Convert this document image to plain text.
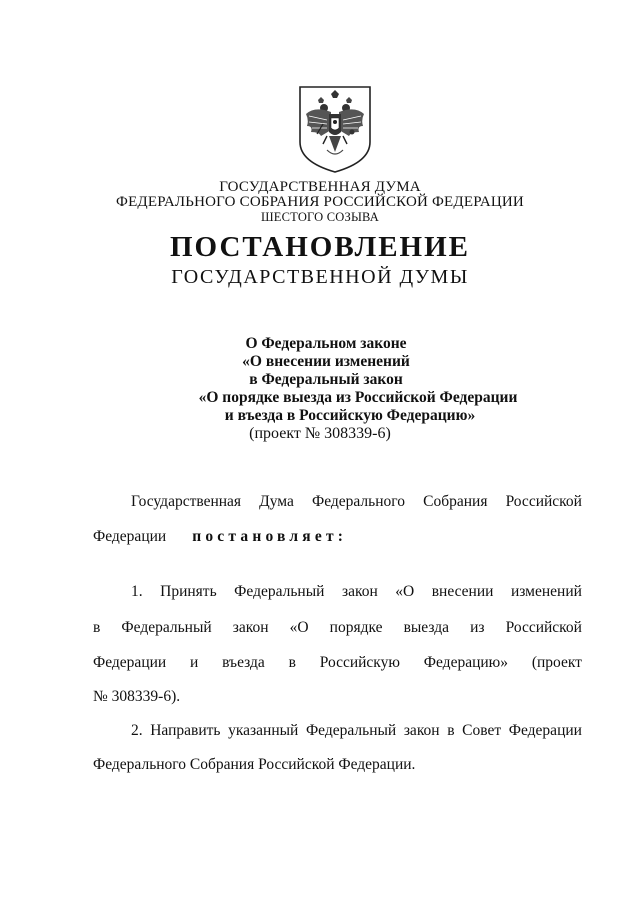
ГОСУДАРСТВЕННАЯ ДУМА
ФЕДЕРАЛЬНОГО СОБРАНИЯ РОССИЙСКОЙ ФЕДЕРАЦИИ
ШЕСТОГО СОЗЫВА
ПОСТАНОВЛЕНИЕ
ГОСУДАРСТВЕННОЙ ДУМЫ
О Федеральном законе
«О внесении изменений
в Федеральный закон
«О порядке выезда из Российской Федерации
и въезда в Российскую Федерацию»
(проект № 308339-6)
Государственная Дума Федерального Собрания Российской
Федерации постановляет:
1. Принять Федеральный закон «О внесении изменений
в Федеральный закон «О порядке выезда из Российской
Федерации и въезда в Российскую Федерацию» (проект
№ 308339-6).
2. Направить указанный Федеральный закон в Совет Федерации
Федерального Собрания Российской Федерации.
